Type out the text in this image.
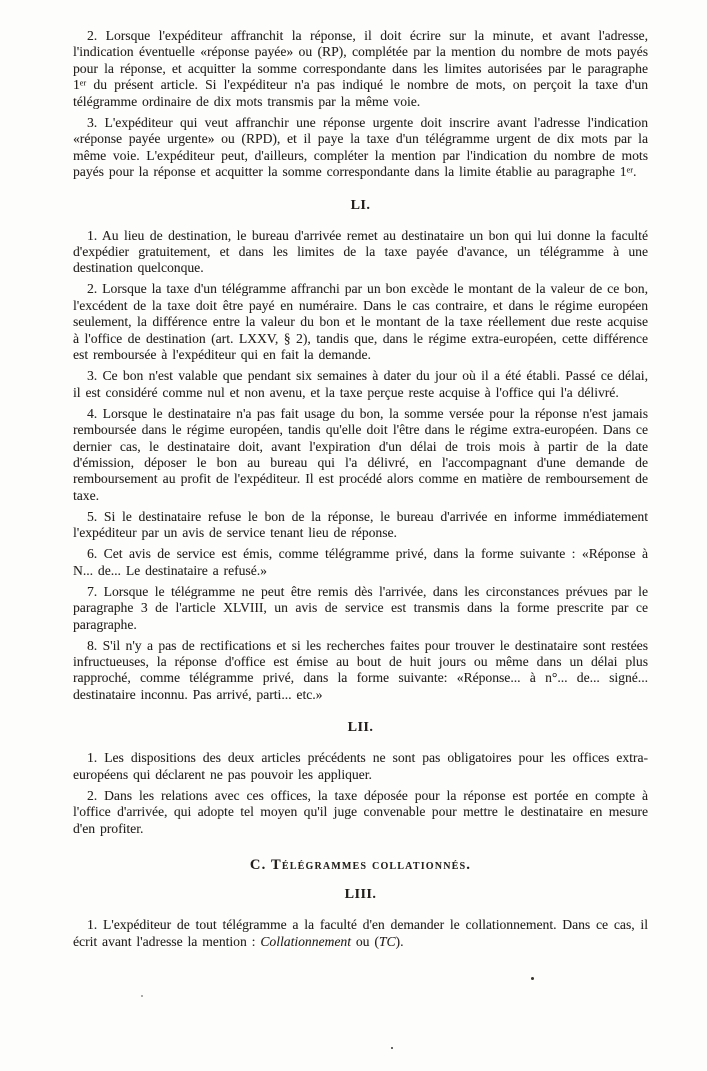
2. Lorsque l'expéditeur affranchit la réponse, il doit écrire sur la minute, et avant l'adresse, l'indication éventuelle «réponse payée» ou (RP), complétée par la mention du nombre de mots payés pour la réponse, et acquitter la somme correspondante dans les limites autorisées par le paragraphe 1ᵉʳ du présent article. Si l'expéditeur n'a pas indiqué le nombre de mots, on perçoit la taxe d'un télégramme ordinaire de dix mots transmis par la même voie.

3. L'expéditeur qui veut affranchir une réponse urgente doit inscrire avant l'adresse l'indication «réponse payée urgente» ou (RPD), et il paye la taxe d'un télégramme urgent de dix mots par la même voie. L'expéditeur peut, d'ailleurs, compléter la mention par l'indication du nombre de mots payés pour la réponse et acquitter la somme correspondante dans la limite établie au paragraphe 1ᵉʳ.

LI.

1. Au lieu de destination, le bureau d'arrivée remet au destinataire un bon qui lui donne la faculté d'expédier gratuitement, et dans les limites de la taxe payée d'avance, un télégramme à une destination quelconque.

2. Lorsque la taxe d'un télégramme affranchi par un bon excède le montant de la valeur de ce bon, l'excédent de la taxe doit être payé en numéraire. Dans le cas contraire, et dans le régime européen seulement, la différence entre la valeur du bon et le montant de la taxe réellement due reste acquise à l'office de destination (art. LXXV, § 2), tandis que, dans le régime extra-européen, cette différence est remboursée à l'expéditeur qui en fait la demande.

3. Ce bon n'est valable que pendant six semaines à dater du jour où il a été établi. Passé ce délai, il est considéré comme nul et non avenu, et la taxe perçue reste acquise à l'office qui l'a délivré.

4. Lorsque le destinataire n'a pas fait usage du bon, la somme versée pour la réponse n'est jamais remboursée dans le régime européen, tandis qu'elle doit l'être dans le régime extra-européen. Dans ce dernier cas, le destinataire doit, avant l'expiration d'un délai de trois mois à partir de la date d'émission, déposer le bon au bureau qui l'a délivré, en l'accompagnant d'une demande de remboursement au profit de l'expéditeur. Il est procédé alors comme en matière de remboursement de taxe.

5. Si le destinataire refuse le bon de la réponse, le bureau d'arrivée en informe immédiatement l'expéditeur par un avis de service tenant lieu de réponse.

6. Cet avis de service est émis, comme télégramme privé, dans la forme suivante : «Réponse à N... de... Le destinataire a refusé.»

7. Lorsque le télégramme ne peut être remis dès l'arrivée, dans les circonstances prévues par le paragraphe 3 de l'article XLVIII, un avis de service est transmis dans la forme prescrite par ce paragraphe.

8. S'il n'y a pas de rectifications et si les recherches faites pour trouver le destinataire sont restées infructueuses, la réponse d'office est émise au bout de huit jours ou même dans un délai plus rapproché, comme télégramme privé, dans la forme suivante: «Réponse... à n°... de... signé... destinataire inconnu. Pas arrivé, parti... etc.»

LII.

1. Les dispositions des deux articles précédents ne sont pas obligatoires pour les offices extra-européens qui déclarent ne pas pouvoir les appliquer.

2. Dans les relations avec ces offices, la taxe déposée pour la réponse est portée en compte à l'office d'arrivée, qui adopte tel moyen qu'il juge convenable pour mettre le destinataire en mesure d'en profiter.

C. Télégrammes collationnés.
LIII.

1. L'expéditeur de tout télégramme a la faculté d'en demander le collationnement. Dans ce cas, il écrit avant l'adresse la mention : Collationnement ou (TC).
